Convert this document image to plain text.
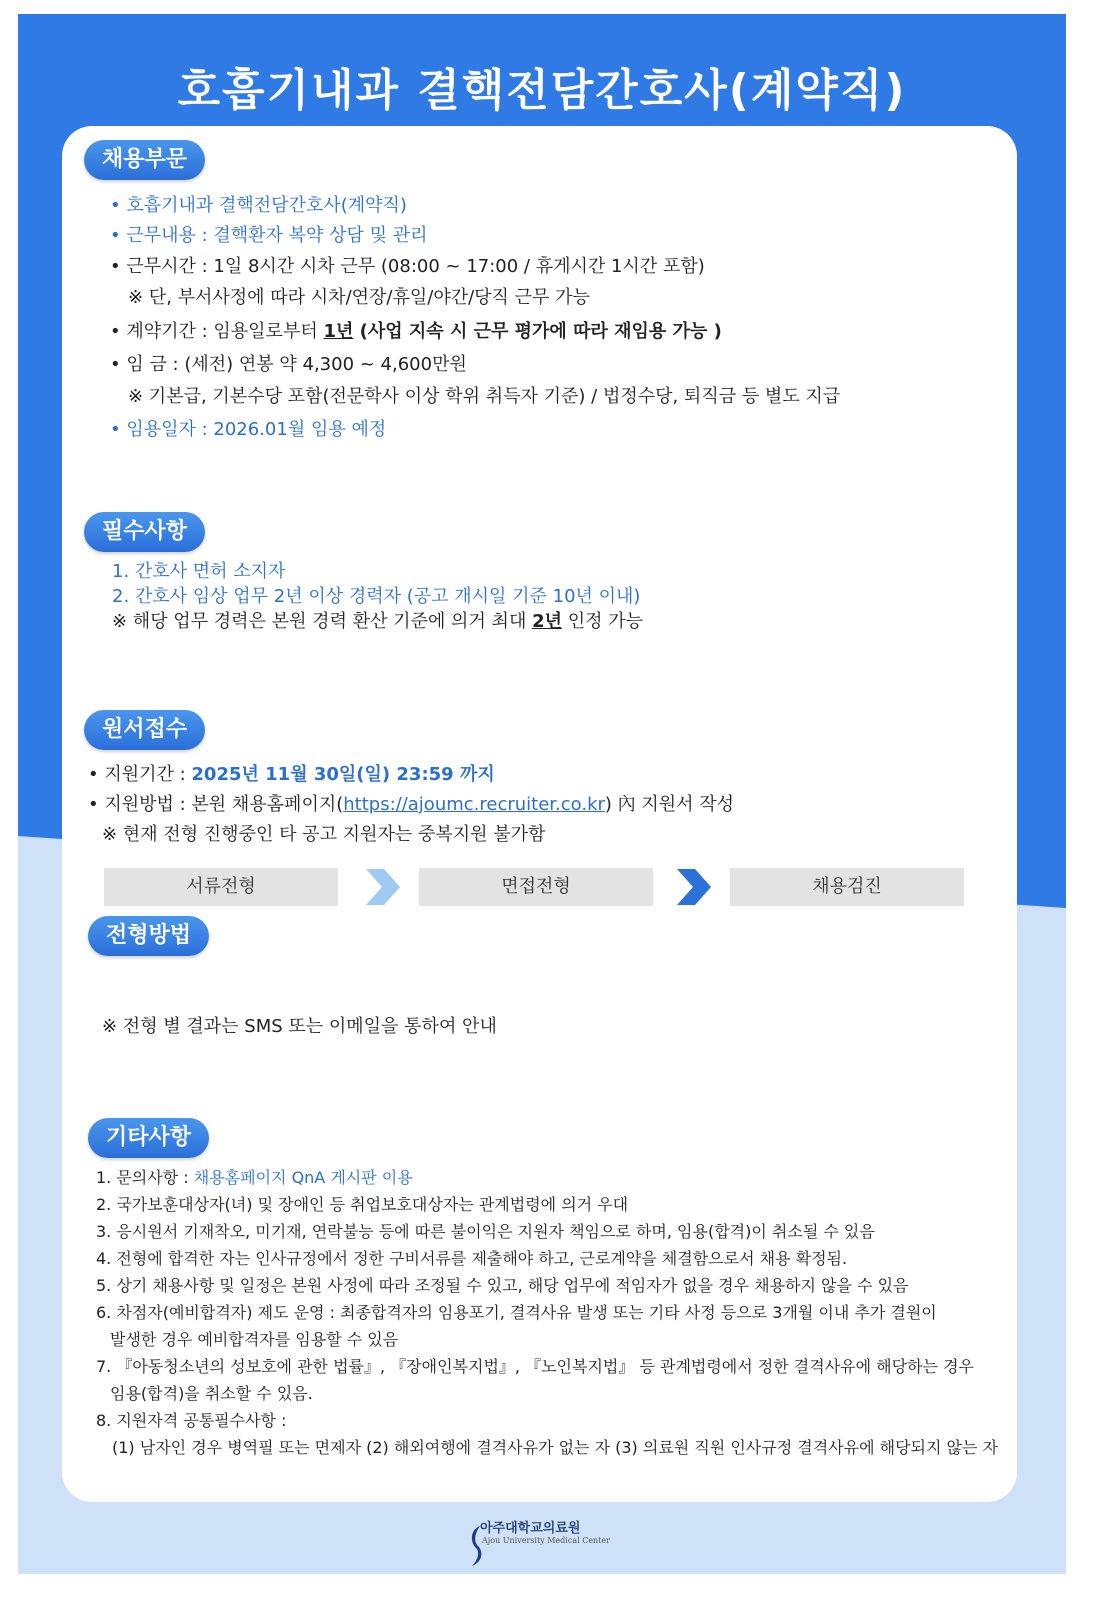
호흡기내과 결핵전담간호사(계약직)
채용부문
• 호흡기내과 결핵전담간호사(계약직)
• 근무내용 : 결핵환자 복약 상담 및 관리
• 근무시간 : 1일 8시간 시차 근무 (08:00 ~ 17:00 / 휴게시간 1시간 포함)
※ 단, 부서사정에 따라 시차/연장/휴일/야간/당직 근무 가능
• 계약기간 : 임용일로부터 1년 (사업 지속 시 근무 평가에 따라 재임용 가능 )
• 임 금 : (세전) 연봉 약 4,300 ~ 4,600만원
※ 기본급, 기본수당 포함(전문학사 이상 학위 취득자 기준) / 법정수당, 퇴직금 등 별도 지급
• 임용일자 : 2026.01월 임용 예정
필수사항
1. 간호사 면허 소지자
2. 간호사 임상 업무 2년 이상 경력자 (공고 개시일 기준 10년 이내)
※ 해당 업무 경력은 본원 경력 환산 기준에 의거 최대 2년 인정 가능
원서접수
• 지원기간 : 2025년 11월 30일(일) 23:59 까지
• 지원방법 : 본원 채용홈페이지(https://ajoumc.recruiter.co.kr) 內 지원서 작성
※ 현재 전형 진행중인 타 공고 지원자는 중복지원 불가함
전형방법
서류전형	면접전형	채용검진
※ 전형 별 결과는 SMS 또는 이메일을 통하여 안내
기타사항
1. 문의사항 : 채용홈페이지 QnA 게시판 이용
2. 국가보훈대상자(녀) 및 장애인 등 취업보호대상자는 관계법령에 의거 우대
3. 응시원서 기재착오, 미기재, 연락불능 등에 따른 불이익은 지원자 책임으로 하며, 임용(합격)이 취소될 수 있음
4. 전형에 합격한 자는 인사규정에서 정한 구비서류를 제출해야 하고, 근로계약을 체결함으로서 채용 확정됨.
5. 상기 채용사항 및 일정은 본원 사정에 따라 조정될 수 있고, 해당 업무에 적임자가 없을 경우 채용하지 않을 수 있음
6. 차점자(예비합격자) 제도 운영 : 최종합격자의 임용포기, 결격사유 발생 또는 기타 사정 등으로 3개월 이내 추가 결원이
발생한 경우 예비합격자를 임용할 수 있음
7. 『아동청소년의 성보호에 관한 법률』, 『장애인복지법』, 『노인복지법』 등 관계법령에서 정한 결격사유에 해당하는 경우
임용(합격)을 취소할 수 있음.
8. 지원자격 공통필수사항 :
(1) 남자인 경우 병역필 또는 면제자 (2) 해외여행에 결격사유가 없는 자 (3) 의료원 직원 인사규정 결격사유에 해당되지 않는 자
아주대학교의료원
Ajou University Medical Center
